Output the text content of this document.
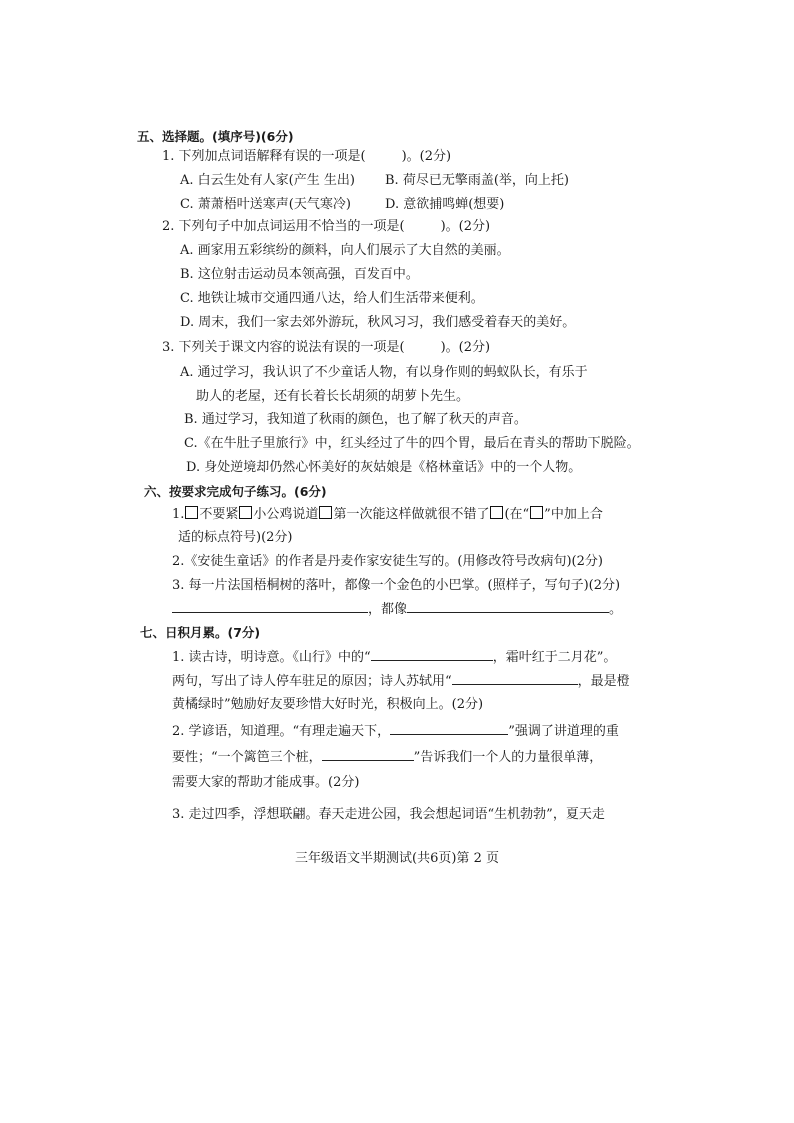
五、选择题。(填序号)(6分)
1. 下列加点词语解释有误的一项是(	)。(2分)
A. 白云生处有人家(产生 生出) B. 荷尽已无擎雨盖(举，向上托)
C. 萧萧梧叶送寒声(天气寒冷)	D. 意欲捕鸣蝉(想要)
2. 下列句子中加点词运用不恰当的一项是(	)。(2分)
A. 画家用五彩缤纷的颜料，向人们展示了大自然的美丽。
B. 这位射击运动员本领高强，百发百中。
C. 地铁让城市交通四通八达，给人们生活带来便利。
D. 周末，我们一家去郊外游玩，秋风习习，我们感受着春天的美好。
3. 下列关于课文内容的说法有误的一项是(	)。(2分)
A. 通过学习，我认识了不少童话人物，有以身作则的蚂蚁队长，有乐于
助人的老屋，还有长着长长胡须的胡萝卜先生。
B. 通过学习，我知道了秋雨的颜色，也了解了秋天的声音。
C.《在牛肚子里旅行》中，红头经过了牛的四个胃，最后在青头的帮助下脱险。
D. 身处逆境却仍然心怀美好的灰姑娘是《格林童话》中的一个人物。
六、按要求完成句子练习。(6分)
1. 不要紧 小公鸡说道 第一次能这样做就很不错了 (在“ ”中加上合
适的标点符号)(2分)
2.《安徒生童话》的作者是丹麦作家安徒生写的。(用修改符号改病句)(2分)
3. 每一片法国梧桐树的落叶，都像一个金色的小巴掌。(照样子，写句子)(2分)
，都像	。
七、日积月累。(7分)
1. 读古诗，明诗意。《山行》中的“	，霜叶红于二月花”。
两句，写出了诗人停车驻足的原因；诗人苏轼用“	，最是橙
黄橘绿时”勉励好友要珍惜大好时光，积极向上。(2分)
2. 学谚语，知道理。“有理走遍天下，	”强调了讲道理的重
要性；“一个篱笆三个桩，	”告诉我们一个人的力量很单薄，
需要大家的帮助才能成事。(2分)
3. 走过四季，浮想联翩。春天走进公园，我会想起词语“生机勃勃”，夏天走
三年级语文半期测试(共6页)第 2 页
